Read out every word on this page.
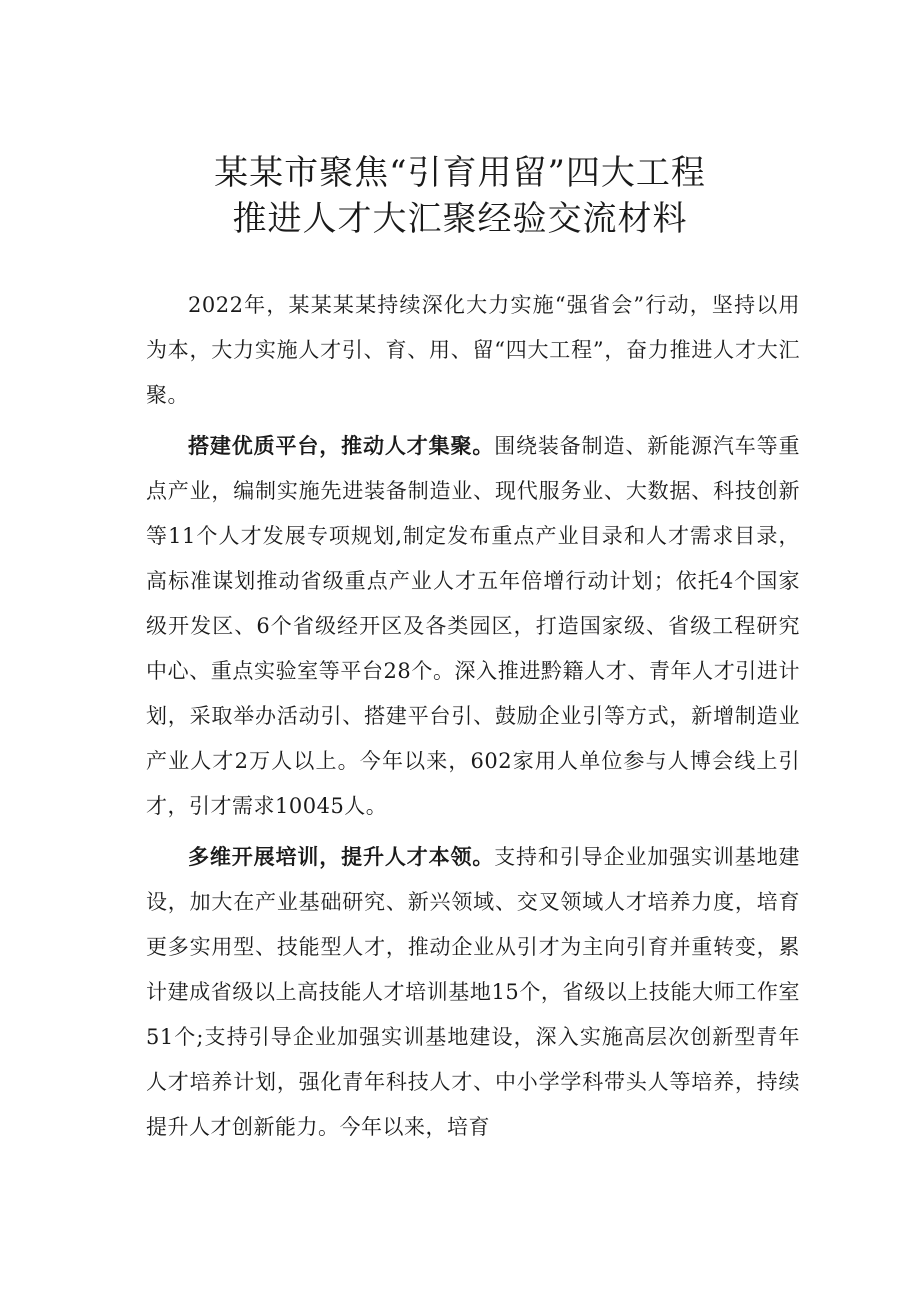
某某市聚焦“引育用留”四大工程
推进人才大汇聚经验交流材料

2022年，某某某某持续深化大力实施“强省会”行动，坚持以用为本，大力实施人才引、育、用、留“四大工程”，奋力推进人才大汇聚。

搭建优质平台，推动人才集聚。围绕装备制造、新能源汽车等重点产业，编制实施先进装备制造业、现代服务业、大数据、科技创新等11个人才发展专项规划,制定发布重点产业目录和人才需求目录，高标准谋划推动省级重点产业人才五年倍增行动计划；依托4个国家级开发区、6个省级经开区及各类园区，打造国家级、省级工程研究中心、重点实验室等平台28个。深入推进黔籍人才、青年人才引进计划，采取举办活动引、搭建平台引、鼓励企业引等方式，新增制造业产业人才2万人以上。今年以来，602家用人单位参与人博会线上引才，引才需求10045人。

多维开展培训，提升人才本领。支持和引导企业加强实训基地建设，加大在产业基础研究、新兴领域、交叉领域人才培养力度，培育更多实用型、技能型人才，推动企业从引才为主向引育并重转变，累计建成省级以上高技能人才培训基地15个，省级以上技能大师工作室51个;支持引导企业加强实训基地建设，深入实施高层次创新型青年人才培养计划，强化青年科技人才、中小学学科带头人等培养，持续提升人才创新能力。今年以来，培育
